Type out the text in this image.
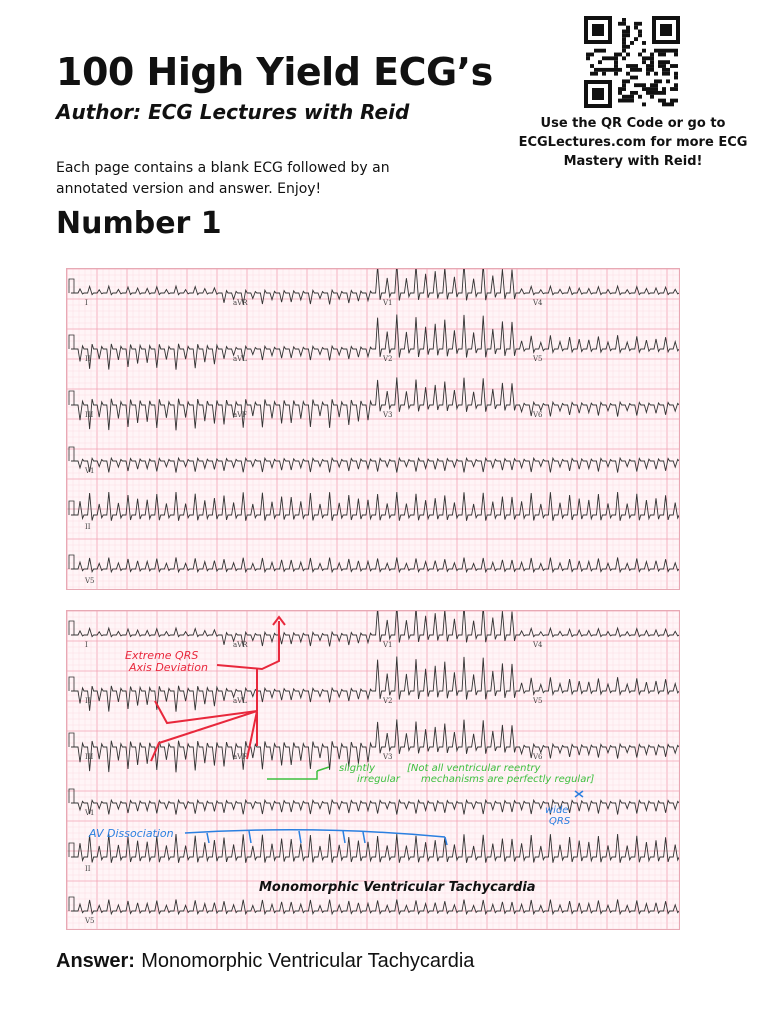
100 High Yield ECG’s
Author: ECG Lectures with Reid
Each page contains a blank ECG followed by an annotated version and answer. Enjoy!
Use the QR Code or go to ECGLectures.com for more ECG Mastery with Reid!
Number 1
I	aVR	V1	V4
II	aVL	V2	V5
III	aVF	V3	V6
V1
II
V5
I	aVR	V1	V4
II	aVL	V2	V5
III	aVF	V3	V6
V1
II
V5
Extreme QRS Axis Deviation
slightly irregular
[Not all ventricular reentry mechanisms are perfectly regular]
wide QRS
AV Dissociation
Monomorphic Ventricular Tachycardia
Answer: Monomorphic Ventricular Tachycardia
